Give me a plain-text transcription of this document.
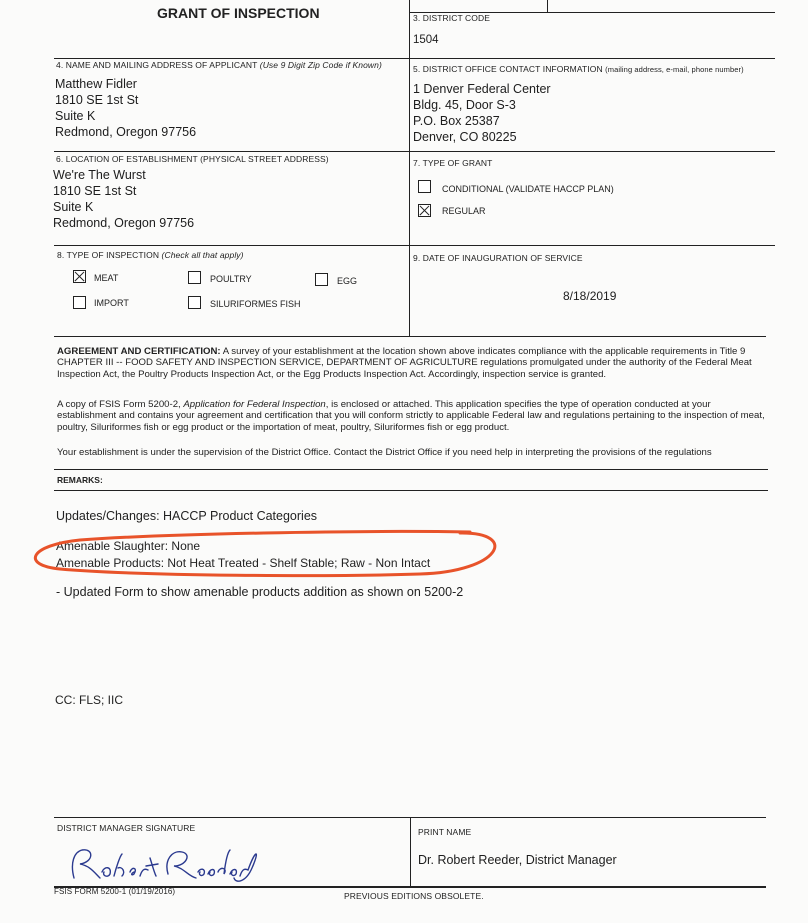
GRANT OF INSPECTION	3. DISTRICT CODE
1504
4. NAME AND MAILING ADDRESS OF APPLICANT (Use 9 Digit Zip Code if Known)
Matthew Fidler
1810 SE 1st St
Suite K
Redmond, Oregon 97756
5. DISTRICT OFFICE CONTACT INFORMATION (mailing address, e-mail, phone number)
1 Denver Federal Center
Bldg. 45, Door S-3
P.O. Box 25387
Denver, CO 80225
6. LOCATION OF ESTABLISHMENT (PHYSICAL STREET ADDRESS)
We're The Wurst
1810 SE 1st St
Suite K
Redmond, Oregon 97756
7. TYPE OF GRANT
CONDITIONAL (VALIDATE HACCP PLAN)
REGULAR
8. TYPE OF INSPECTION (Check all that apply)
MEAT	POULTRY	EGG
IMPORT	SILURIFORMES FISH
9. DATE OF INAUGURATION OF SERVICE
8/18/2019
AGREEMENT AND CERTIFICATION: A survey of your establishment at the location shown above indicates compliance with the applicable requirements in Title 9 CHAPTER III -- FOOD SAFETY AND INSPECTION SERVICE, DEPARTMENT OF AGRICULTURE regulations promulgated under the authority of the Federal Meat Inspection Act, the Poultry Products Inspection Act, or the Egg Products Inspection Act. Accordingly, inspection service is granted.
A copy of FSIS Form 5200-2, Application for Federal Inspection, is enclosed or attached. This application specifies the type of operation conducted at your establishment and contains your agreement and certification that you will conform strictly to applicable Federal law and regulations pertaining to the inspection of meat, poultry, Siluriformes fish or egg product or the importation of meat, poultry, Siluriformes fish or egg product.
Your establishment is under the supervision of the District Office. Contact the District Office if you need help in interpreting the provisions of the regulations
REMARKS:
Updates/Changes: HACCP Product Categories
Amenable Slaughter: None
Amenable Products: Not Heat Treated - Shelf Stable; Raw - Non Intact
- Updated Form to show amenable products addition as shown on 5200-2
CC: FLS; IIC
DISTRICT MANAGER SIGNATURE	PRINT NAME
Dr. Robert Reeder, District Manager
FSIS FORM 5200-1 (01/19/2016)	PREVIOUS EDITIONS OBSOLETE.
